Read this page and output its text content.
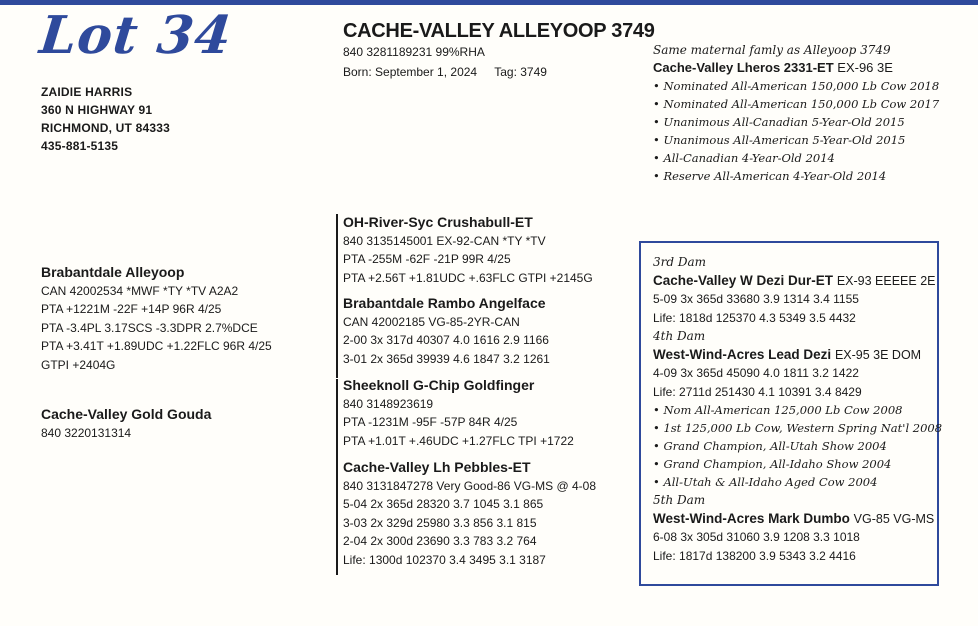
Lot 34
ZAIDIE HARRIS
360 N HIGHWAY 91
RICHMOND, UT 84333
435-881-5135
CACHE-VALLEY ALLEYOOP 3749
840 3281189231 99%RHA
Born: September 1, 2024 Tag: 3749
Same maternal famly as Alleyoop 3749
Cache-Valley Lheros 2331-ET EX-96 3E
• Nominated All-American 150,000 Lb Cow 2018
• Nominated All-American 150,000 Lb Cow 2017
• Unanimous All-Canadian 5-Year-Old 2015
• Unanimous All-American 5-Year-Old 2015
• All-Canadian 4-Year-Old 2014
• Reserve All-American 4-Year-Old 2014
Brabantdale Alleyoop
CAN 42002534 *MWF *TY *TV A2A2
PTA +1221M -22F +14P 96R 4/25
PTA -3.4PL 3.17SCS -3.3DPR 2.7%DCE
PTA +3.41T +1.89UDC +1.22FLC 96R 4/25
GTPI +2404G
Cache-Valley Gold Gouda
840 3220131314
OH-River-Syc Crushabull-ET
840 3135145001 EX-92-CAN *TY *TV
PTA -255M -62F -21P 99R 4/25
PTA +2.56T +1.81UDC +.63FLC GTPI +2145G
Brabantdale Rambo Angelface
CAN 42002185 VG-85-2YR-CAN
2-00 3x 317d 40307 4.0 1616 2.9 1166
3-01 2x 365d 39939 4.6 1847 3.2 1261
Sheeknoll G-Chip Goldfinger
840 3148923619
PTA -1231M -95F -57P 84R 4/25
PTA +1.01T +.46UDC +1.27FLC TPI +1722
Cache-Valley Lh Pebbles-ET
840 3131847278 Very Good-86 VG-MS @ 4-08
5-04 2x 365d 28320 3.7 1045 3.1 865
3-03 2x 329d 25980 3.3 856 3.1 815
2-04 2x 300d 23690 3.3 783 3.2 764
Life: 1300d 102370 3.4 3495 3.1 3187
3rd Dam
Cache-Valley W Dezi Dur-ET EX-93 EEEEE 2E
5-09 3x 365d 33680 3.9 1314 3.4 1155
Life: 1818d 125370 4.3 5349 3.5 4432
4th Dam
West-Wind-Acres Lead Dezi EX-95 3E DOM
4-09 3x 365d 45090 4.0 1811 3.2 1422
Life: 2711d 251430 4.1 10391 3.4 8429
• Nom All-American 125,000 Lb Cow 2008
• 1st 125,000 Lb Cow, Western Spring Nat'l 2008
• Grand Champion, All-Utah Show 2004
• Grand Champion, All-Idaho Show 2004
• All-Utah & All-Idaho Aged Cow 2004
5th Dam
West-Wind-Acres Mark Dumbo VG-85 VG-MS
6-08 3x 305d 31060 3.9 1208 3.3 1018
Life: 1817d 138200 3.9 5343 3.2 4416
